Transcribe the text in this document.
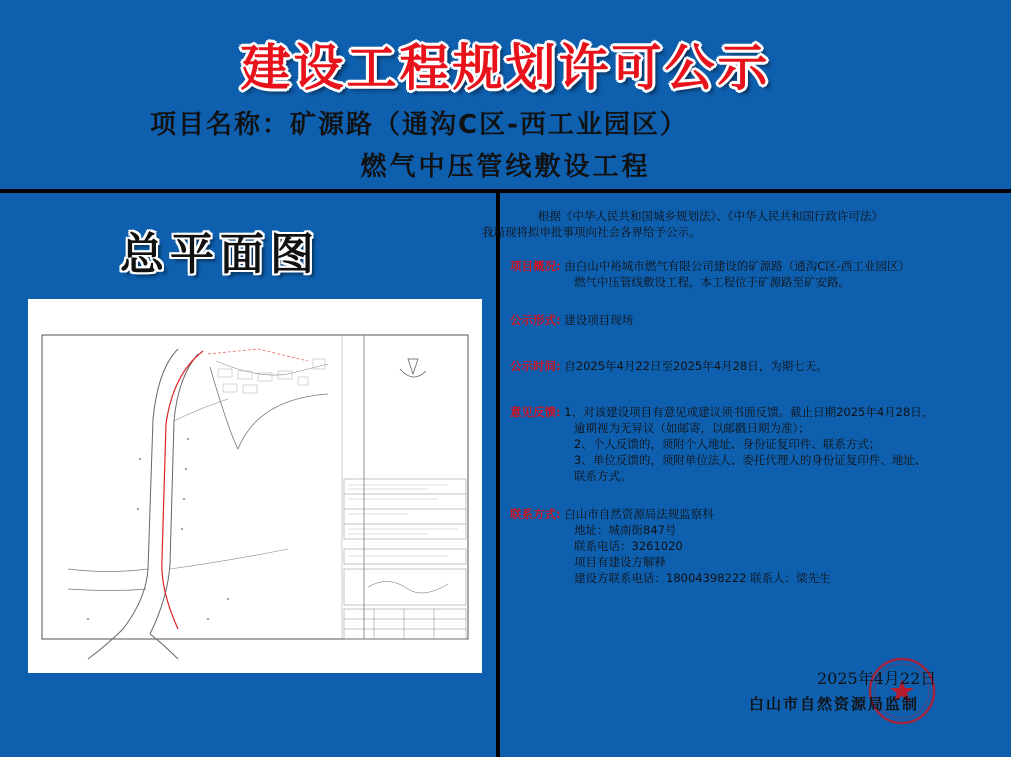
建设工程规划许可公示
项目名称：矿源路（通沟C区-西工业园区）
燃气中压管线敷设工程
总平面图
根据《中华人民共和国城乡规划法》、《中华人民共和国行政许可法》
我局现将拟申批事项向社会各界给予公示。
项目概况: 由白山中裕城市燃气有限公司建设的矿源路（通沟C区-西工业园区）
燃气中压管线敷设工程，本工程位于矿源路至矿安路。
公示形式: 建设项目现场
公示时间: 自2025年4月22日至2025年4月28日，为期七天。
意见反馈: 1、对该建设项目有意见或建议须书面反馈。截止日期2025年4月28日，
逾期视为无异议（如邮寄，以邮戳日期为准）；
2、个人反馈的，须附个人地址、身份证复印件、联系方式；
3、单位反馈的，须附单位法人、委托代理人的身份证复印件、地址、
联系方式。
联系方式: 白山市自然资源局法规监察科
地址：城南街847号
联系电话：3261020
项目有建设方解释
建设方联系电话：18004398222 联系人：梁先生
2025年4月22日
白山市自然资源局监制
